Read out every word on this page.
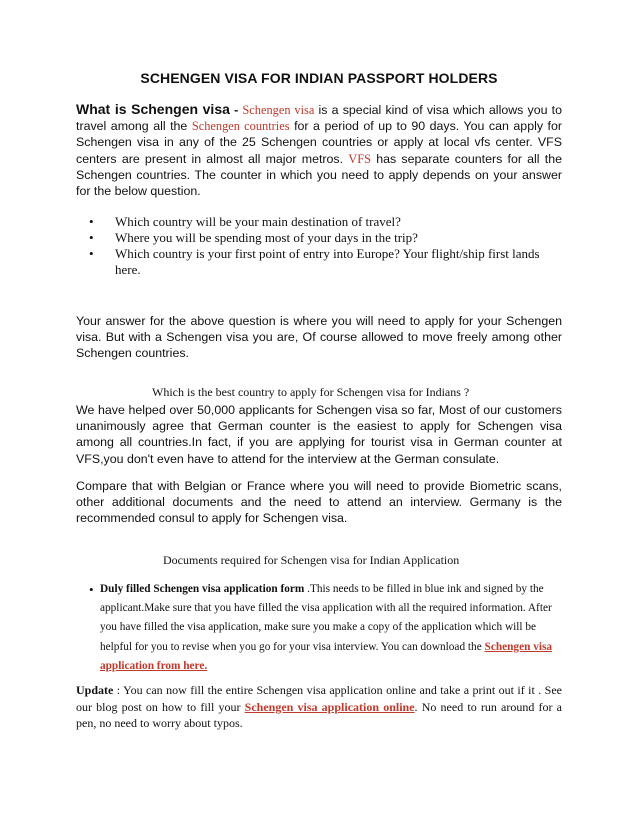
SCHENGEN VISA FOR INDIAN PASSPORT HOLDERS
What is Schengen visa - Schengen visa is a special kind of visa which allows you to travel among all the Schengen countries for a period of up to 90 days. You can apply for Schengen visa in any of the 25 Schengen countries or apply at local vfs center. VFS centers are present in almost all major metros. VFS has separate counters for all the Schengen countries. The counter in which you need to apply depends on your answer for the below question.
• Which country will be your main destination of travel?
• Where you will be spending most of your days in the trip?
• Which country is your first point of entry into Europe? Your flight/ship first lands here.
Your answer for the above question is where you will need to apply for your Schengen visa. But with a Schengen visa you are, Of course allowed to move freely among other Schengen countries.
Which is the best country to apply for Schengen visa for Indians ?
We have helped over 50,000 applicants for Schengen visa so far, Most of our customers unanimously agree that German counter is the easiest to apply for Schengen visa among all countries.In fact, if you are applying for tourist visa in German counter at VFS,you don't even have to attend for the interview at the German consulate.
Compare that with Belgian or France where you will need to provide Biometric scans, other additional documents and the need to attend an interview. Germany is the recommended consul to apply for Schengen visa.
Documents required for Schengen visa for Indian Application
• Duly filled Schengen visa application form .This needs to be filled in blue ink and signed by the applicant.Make sure that you have filled the visa application with all the required information. After you have filled the visa application, make sure you make a copy of the application which will be helpful for you to revise when you go for your visa interview. You can download the Schengen visa application from here.
Update : You can now fill the entire Schengen visa application online and take a print out if it . See our blog post on how to fill your Schengen visa application online. No need to run around for a pen, no need to worry about typos.
